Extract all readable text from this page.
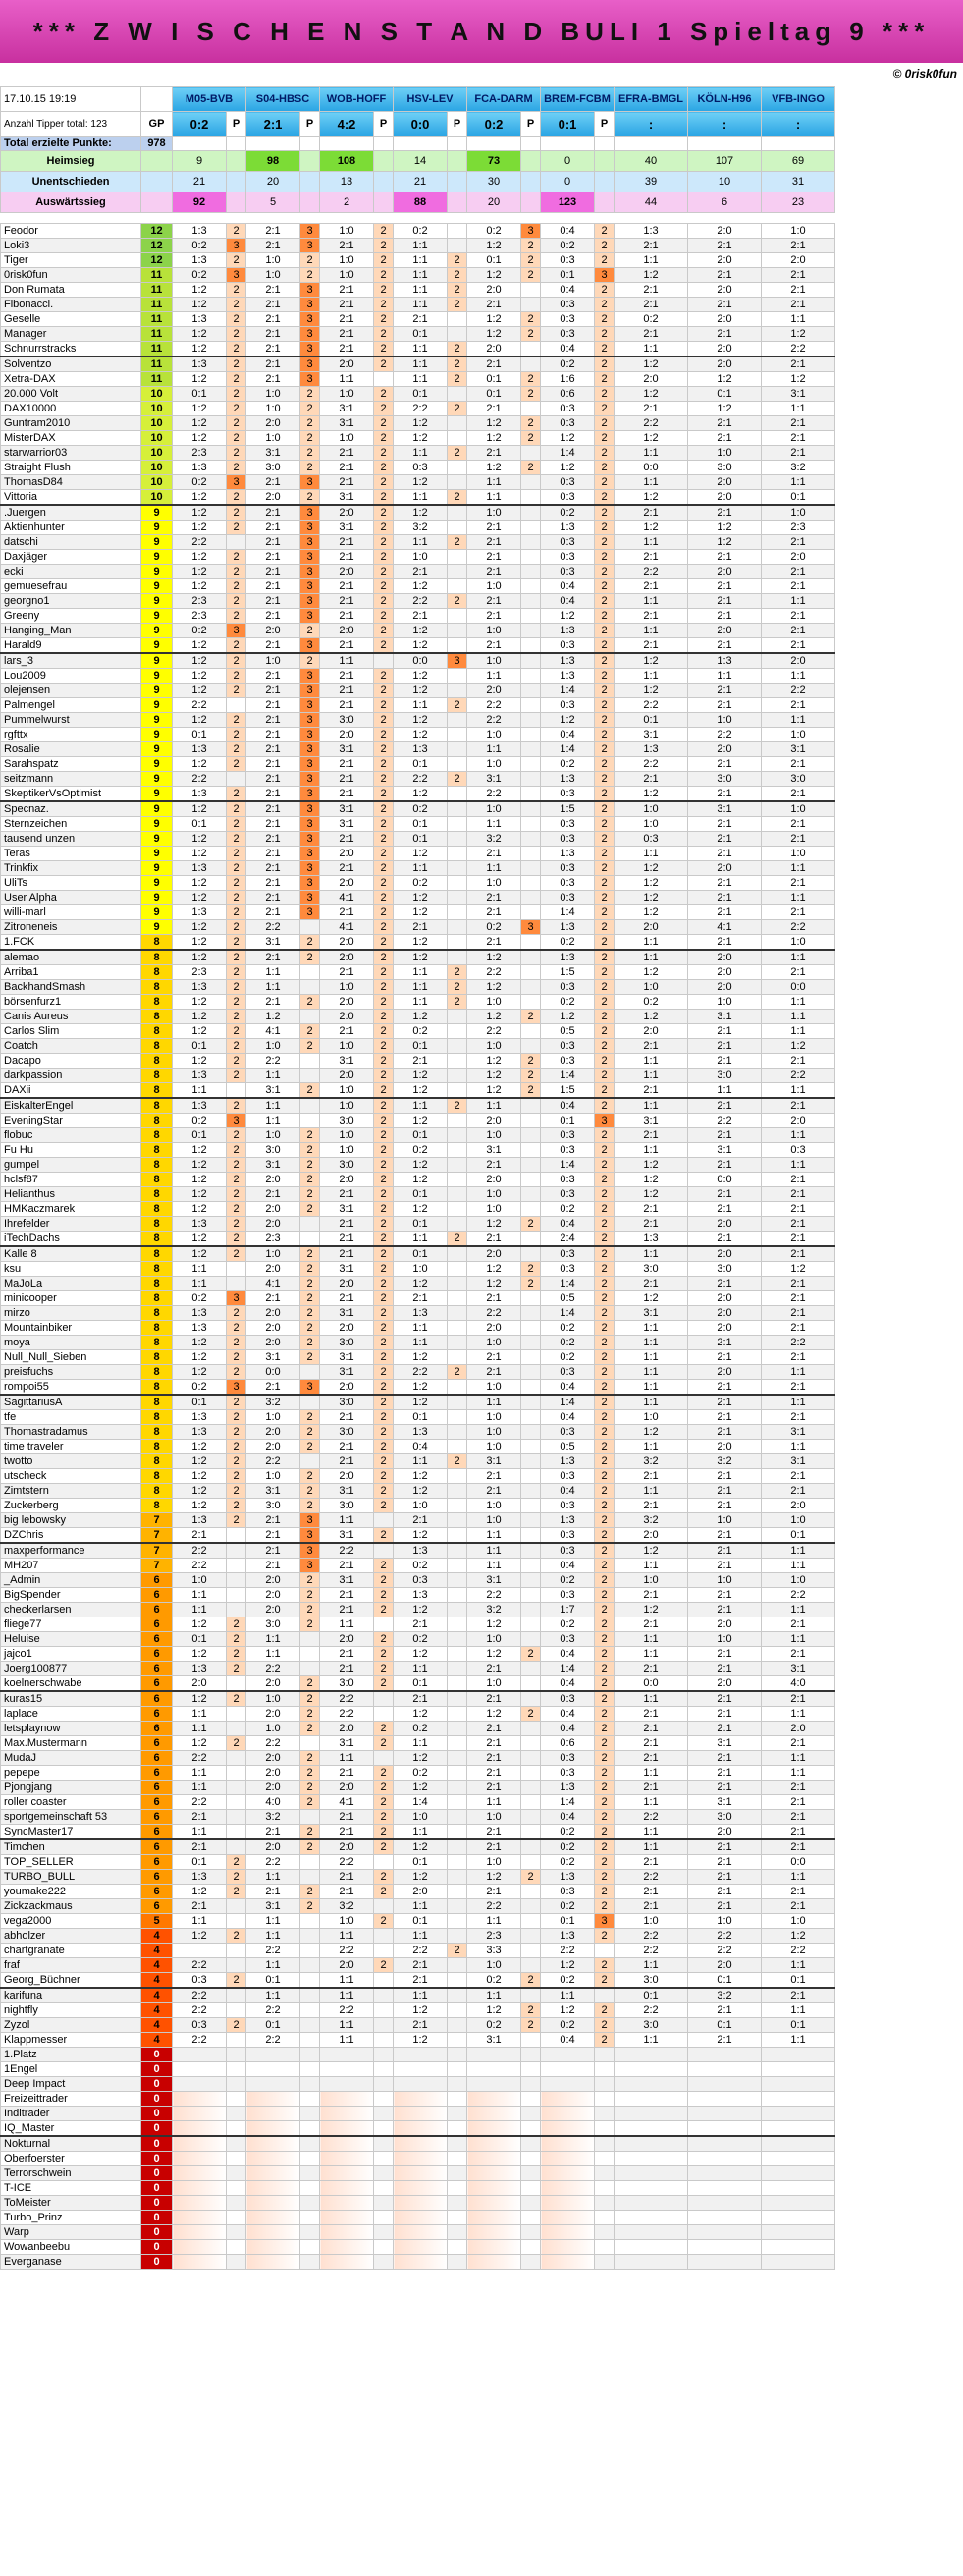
*** Z W I S C H E N S T A N D BULI 1 Spieltag 9 ***
© 0risk0fun
17.10.15 19:19		M05-BVB		S04-HBSC		WOB-HOFF		HSV-LEV		FCA-DARM		BREM-FCBM		EFRA-BMGL	KÖLN-H96	VFB-INGO
Anzahl Tipper total: 123	GP	0:2	P	2:1	P	4:2	P	0:0	P	0:2	P	0:1	P	:	:	:
Total erzielte Punkte:	978															
Heimsieg		9		98		108		14		73		0		40	107	69
Unentschieden		21		20		13		21		30		0		39	10	31
Auswärtssieg		92		5		2		88		20		123		44	6	23

Feodor	12	1:3	2	2:1	3	1:0	2	0:2		0:2	3	0:4	2	1:3	2:0	1:0
Loki3	12	0:2	3	2:1	3	2:1	2	1:1		1:2	2	0:2	2	2:1	2:1	2:1
Tiger	12	1:3	2	1:0	2	1:0	2	1:1	2	0:1	2	0:3	2	1:1	2:0	2:0
0risk0fun	11	0:2	3	1:0	2	1:0	2	1:1	2	1:2	2	0:1	3	1:2	2:1	2:1
Don Rumata	11	1:2	2	2:1	3	2:1	2	1:1	2	2:0		0:4	2	2:1	2:0	2:1
Fibonacci.	11	1:2	2	2:1	3	2:1	2	1:1	2	2:1		0:3	2	2:1	2:1	2:1
Geselle	11	1:3	2	2:1	3	2:1	2	2:1		1:2	2	0:3	2	0:2	2:0	1:1
Manager	11	1:2	2	2:1	3	2:1	2	0:1		1:2	2	0:3	2	2:1	2:1	1:2
Schnurrstracks	11	1:2	2	2:1	3	2:1	2	1:1	2	2:0		0:4	2	1:1	2:0	2:2
Solventzo	11	1:3	2	2:1	3	2:0	2	1:1	2	2:1		0:2	2	1:2	2:0	2:1
Xetra-DAX	11	1:2	2	2:1	3	1:1		1:1	2	0:1	2	1:6	2	2:0	1:2	1:2
20.000 Volt	10	0:1	2	1:0	2	1:0	2	0:1		0:1	2	0:6	2	1:2	0:1	3:1
DAX10000	10	1:2	2	1:0	2	3:1	2	2:2	2	2:1		0:3	2	2:1	1:2	1:1
Guntram2010	10	1:2	2	2:0	2	3:1	2	1:2		1:2	2	0:3	2	2:2	2:1	2:1
MisterDAX	10	1:2	2	1:0	2	1:0	2	1:2		1:2	2	1:2	2	1:2	2:1	2:1
starwarrior03	10	2:3	2	3:1	2	2:1	2	1:1	2	2:1		1:4	2	1:1	1:0	2:1
Straight Flush	10	1:3	2	3:0	2	2:1	2	0:3		1:2	2	1:2	2	0:0	3:0	3:2
ThomasD84	10	0:2	3	2:1	3	2:1	2	1:2		1:1		0:3	2	1:1	2:0	1:1
Vittoria	10	1:2	2	2:0	2	3:1	2	1:1	2	1:1		0:3	2	1:2	2:0	0:1
.Juergen	9	1:2	2	2:1	3	2:0	2	1:2		1:0		0:2	2	2:1	2:1	1:0
Aktienhunter	9	1:2	2	2:1	3	3:1	2	3:2		2:1		1:3	2	1:2	1:2	2:3
datschi	9	2:2		2:1	3	2:1	2	1:1	2	2:1		0:3	2	1:1	1:2	2:1
Daxjäger	9	1:2	2	2:1	3	2:1	2	1:0		2:1		0:3	2	2:1	2:1	2:0
ecki	9	1:2	2	2:1	3	2:0	2	2:1		2:1		0:3	2	2:2	2:0	2:1
gemuesefrau	9	1:2	2	2:1	3	2:1	2	1:2		1:0		0:4	2	2:1	2:1	2:1
georgno1	9	2:3	2	2:1	3	2:1	2	2:2	2	2:1		0:4	2	1:1	2:1	1:1
Greeny	9	2:3	2	2:1	3	2:1	2	2:1		2:1		1:2	2	2:1	2:1	2:1
Hanging_Man	9	0:2	3	2:0	2	2:0	2	1:2		1:0		1:3	2	1:1	2:0	2:1
Harald9	9	1:2	2	2:1	3	2:1	2	1:2		2:1		0:3	2	2:1	2:1	2:1
lars_3	9	1:2	2	1:0	2	1:1		0:0	3	1:0		1:3	2	1:2	1:3	2:0
Lou2009	9	1:2	2	2:1	3	2:1	2	1:2		1:1		1:3	2	1:1	1:1	1:1
olejensen	9	1:2	2	2:1	3	2:1	2	1:2		2:0		1:4	2	1:2	2:1	2:2
Palmengel	9	2:2		2:1	3	2:1	2	1:1	2	2:2		0:3	2	2:2	2:1	2:1
Pummelwurst	9	1:2	2	2:1	3	3:0	2	1:2		2:2		1:2	2	0:1	1:0	1:1
rgfttx	9	0:1	2	2:1	3	2:0	2	1:2		1:0		0:4	2	3:1	2:2	1:0
Rosalie	9	1:3	2	2:1	3	3:1	2	1:3		1:1		1:4	2	1:3	2:0	3:1
Sarahspatz	9	1:2	2	2:1	3	2:1	2	0:1		1:0		0:2	2	2:2	2:1	2:1
seitzmann	9	2:2		2:1	3	2:1	2	2:2	2	3:1		1:3	2	2:1	3:0	3:0
SkeptikerVsOptimist	9	1:3	2	2:1	3	2:1	2	1:2		2:2		0:3	2	1:2	2:1	2:1
Specnaz.	9	1:2	2	2:1	3	3:1	2	0:2		1:0		1:5	2	1:0	3:1	1:0
Sternzeichen	9	0:1	2	2:1	3	3:1	2	0:1		1:1		0:3	2	1:0	2:1	2:1
tausend unzen	9	1:2	2	2:1	3	2:1	2	0:1		3:2		0:3	2	0:3	2:1	2:1
Teras	9	1:2	2	2:1	3	2:0	2	1:2		2:1		1:3	2	1:1	2:1	1:0
Trinkfix	9	1:3	2	2:1	3	2:1	2	1:1		1:1		0:3	2	1:2	2:0	1:1
UliTs	9	1:2	2	2:1	3	2:0	2	0:2		1:0		0:3	2	1:2	2:1	2:1
User Alpha	9	1:2	2	2:1	3	4:1	2	1:2		2:1		0:3	2	1:2	2:1	1:1
willi-marl	9	1:3	2	2:1	3	2:1	2	1:2		2:1		1:4	2	1:2	2:1	2:1
Zitroneneis	9	1:2	2	2:2		4:1	2	2:1		0:2	3	1:3	2	2:0	4:1	2:2
1.FCK	8	1:2	2	3:1	2	2:0	2	1:2		2:1		0:2	2	1:1	2:1	1:0
alemao	8	1:2	2	2:1	2	2:0	2	1:2		1:2		1:3	2	1:1	2:0	1:1
Arriba1	8	2:3	2	1:1		2:1	2	1:1	2	2:2		1:5	2	1:2	2:0	2:1
BackhandSmash	8	1:3	2	1:1		1:0	2	1:1	2	1:2		0:3	2	1:0	2:0	0:0
börsenfurz1	8	1:2	2	2:1	2	2:0	2	1:1	2	1:0		0:2	2	0:2	1:0	1:1
Canis Aureus	8	1:2	2	1:2		2:0	2	1:2		1:2	2	1:2	2	1:2	3:1	1:1
Carlos Slim	8	1:2	2	4:1	2	2:1	2	0:2		2:2		0:5	2	2:0	2:1	1:1
Coatch	8	0:1	2	1:0	2	1:0	2	0:1		1:0		0:3	2	2:1	2:1	1:2
Dacapo	8	1:2	2	2:2		3:1	2	2:1		1:2	2	0:3	2	1:1	2:1	2:1
darkpassion	8	1:3	2	1:1		2:0	2	1:2		1:2	2	1:4	2	1:1	3:0	2:2
DAXii	8	1:1		3:1	2	1:0	2	1:2		1:2	2	1:5	2	2:1	1:1	1:1
EiskalterEngel	8	1:3	2	1:1		1:0	2	1:1	2	1:1		0:4	2	1:1	2:1	2:1
EveningStar	8	0:2	3	1:1		3:0	2	1:2		2:0		0:1	3	3:1	2:2	2:0
flobuc	8	0:1	2	1:0	2	1:0	2	0:1		1:0		0:3	2	2:1	2:1	1:1
Fu Hu	8	1:2	2	3:0	2	1:0	2	0:2		3:1		0:3	2	1:1	3:1	0:3
gumpel	8	1:2	2	3:1	2	3:0	2	1:2		2:1		1:4	2	1:2	2:1	1:1
hclsf87	8	1:2	2	2:0	2	2:0	2	1:2		2:0		0:3	2	1:2	0:0	2:1
Helianthus	8	1:2	2	2:1	2	2:1	2	0:1		1:0		0:3	2	1:2	2:1	2:1
HMKaczmarek	8	1:2	2	2:0	2	3:1	2	1:2		1:0		0:2	2	2:1	2:1	2:1
Ihrefelder	8	1:3	2	2:0		2:1	2	0:1		1:2	2	0:4	2	2:1	2:0	2:1
iTechDachs	8	1:2	2	2:3		2:1	2	1:1	2	2:1		2:4	2	1:3	2:1	2:1
Kalle 8	8	1:2	2	1:0	2	2:1	2	0:1		2:0		0:3	2	1:1	2:0	2:1
ksu	8	1:1		2:0	2	3:1	2	1:0		1:2	2	0:3	2	3:0	3:0	1:2
MaJoLa	8	1:1		4:1	2	2:0	2	1:2		1:2	2	1:4	2	2:1	2:1	2:1
minicooper	8	0:2	3	2:1	2	2:1	2	2:1		2:1		0:5	2	1:2	2:0	2:1
mirzo	8	1:3	2	2:0	2	3:1	2	1:3		2:2		1:4	2	3:1	2:0	2:1
Mountainbiker	8	1:3	2	2:0	2	2:0	2	1:1		2:0		0:2	2	1:1	2:0	2:1
moya	8	1:2	2	2:0	2	3:0	2	1:1		1:0		0:2	2	1:1	2:1	2:2
Null_Null_Sieben	8	1:2	2	3:1	2	3:1	2	1:2		2:1		0:2	2	1:1	2:1	2:1
preisfuchs	8	1:2	2	0:0		3:1	2	2:2	2	2:1		0:3	2	1:1	2:0	1:1
rompoi55	8	0:2	3	2:1	3	2:0	2	1:2		1:0		0:4	2	1:1	2:1	2:1
SagittariusA	8	0:1	2	3:2		3:0	2	1:2		1:1		1:4	2	1:1	2:1	1:1
tfe	8	1:3	2	1:0	2	2:1	2	0:1		1:0		0:4	2	1:0	2:1	2:1
Thomastradamus	8	1:3	2	2:0	2	3:0	2	1:3		1:0		0:3	2	1:2	2:1	3:1
time traveler	8	1:2	2	2:0	2	2:1	2	0:4		1:0		0:5	2	1:1	2:0	1:1
twotto	8	1:2	2	2:2		2:1	2	1:1	2	3:1		1:3	2	3:2	3:2	3:1
utscheck	8	1:2	2	1:0	2	2:0	2	1:2		2:1		0:3	2	2:1	2:1	2:1
Zimtstern	8	1:2	2	3:1	2	3:1	2	1:2		2:1		0:4	2	1:1	2:1	2:1
Zuckerberg	8	1:2	2	3:0	2	3:0	2	1:0		1:0		0:3	2	2:1	2:1	2:0
big lebowsky	7	1:3	2	2:1	3	1:1		2:1		1:0		1:3	2	3:2	1:0	1:0
DZChris	7	2:1		2:1	3	3:1	2	1:2		1:1		0:3	2	2:0	2:1	0:1
maxperformance	7	2:2		2:1	3	2:2		1:3		1:1		0:3	2	1:2	2:1	1:1
MH207	7	2:2		2:1	3	2:1	2	0:2		1:1		0:4	2	1:1	2:1	1:1
_Admin	6	1:0		2:0	2	3:1	2	0:3		3:1		0:2	2	1:0	1:0	1:0
BigSpender	6	1:1		2:0	2	2:1	2	1:3		2:2		0:3	2	2:1	2:1	2:2
checkerlarsen	6	1:1		2:0	2	2:1	2	1:2		3:2		1:7	2	1:2	2:1	1:1
fliege77	6	1:2	2	3:0	2	1:1		2:1		1:2		0:2	2	2:1	2:0	2:1
Heluise	6	0:1	2	1:1		2:0	2	0:2		1:0		0:3	2	1:1	1:0	1:1
jajco1	6	1:2	2	1:1		2:1	2	1:2		1:2	2	0:4	2	1:1	2:1	2:1
Joerg100877	6	1:3	2	2:2		2:1	2	1:1		2:1		1:4	2	2:1	2:1	3:1
koelnerschwabe	6	2:0		2:0	2	3:0	2	0:1		1:0		0:4	2	0:0	2:0	4:0
kuras15	6	1:2	2	1:0	2	2:2		2:1		2:1		0:3	2	1:1	2:1	2:1
laplace	6	1:1		2:0	2	2:2		1:2		1:2	2	0:4	2	2:1	2:1	1:1
letsplaynow	6	1:1		1:0	2	2:0	2	0:2		2:1		0:4	2	2:1	2:1	2:0
Max.Mustermann	6	1:2	2	2:2		3:1	2	1:1		2:1		0:6	2	2:1	3:1	2:1
MudaJ	6	2:2		2:0	2	1:1		1:2		2:1		0:3	2	2:1	2:1	1:1
pepepe	6	1:1		2:0	2	2:1	2	0:2		2:1		0:3	2	1:1	2:1	1:1
Pjongjang	6	1:1		2:0	2	2:0	2	1:2		2:1		1:3	2	2:1	2:1	2:1
roller coaster	6	2:2		4:0	2	4:1	2	1:4		1:1		1:4	2	1:1	3:1	2:1
sportgemeinschaft 53	6	2:1		3:2		2:1	2	1:0		1:0		0:4	2	2:2	3:0	2:1
SyncMaster17	6	1:1		2:1	2	2:1	2	1:1		2:1		0:2	2	1:1	2:0	2:1
Timchen	6	2:1		2:0	2	2:0	2	1:2		2:1		0:2	2	1:1	2:1	2:1
TOP_SELLER	6	0:1	2	2:2		2:2		0:1		1:0		0:2	2	2:1	2:1	0:0
TURBO_BULL	6	1:3	2	1:1		2:1	2	1:2		1:2	2	1:3	2	2:2	2:1	1:1
youmake222	6	1:2	2	2:1	2	2:1	2	2:0		2:1		0:3	2	2:1	2:1	2:1
Zickzackmaus	6	2:1		3:1	2	3:2		1:1		2:2		0:2	2	2:1	2:1	2:1
vega2000	5	1:1		1:1		1:0	2	0:1		1:1		0:1	3	1:0	1:0	1:0
abholzer	4	1:2	2	1:1		1:1		1:1		2:3		1:3	2	2:2	2:2	1:2
chartgranate	4			2:2		2:2		2:2	2	3:3		2:2		2:2	2:2	2:2
fraf	4	2:2		1:1		2:0	2	2:1		1:0		1:2	2	1:1	2:0	1:1
Georg_Büchner	4	0:3	2	0:1		1:1		2:1		0:2	2	0:2	2	3:0	0:1	0:1
karifuna	4	2:2		1:1		1:1		1:1		1:1		1:1		0:1	3:2	2:1
nightfly	4	2:2		2:2		2:2		1:2		1:2	2	1:2	2	2:2	2:1	1:1
Zyzol	4	0:3	2	0:1		1:1		2:1		0:2	2	0:2	2	3:0	0:1	0:1
Klappmesser	4	2:2		2:2		1:1		1:2		3:1		0:4	2	1:1	2:1	1:1
1.Platz	0															
1Engel	0															
Deep Impact	0															
Freizeittrader	0															
Inditrader	0															
IQ_Master	0															
Nokturnal	0															
Oberfoerster	0															
Terrorschwein	0															
T-ICE	0															
ToMeister	0															
Turbo_Prinz	0															
Warp	0															
Wowanbeebu	0															
Everganase	0															
